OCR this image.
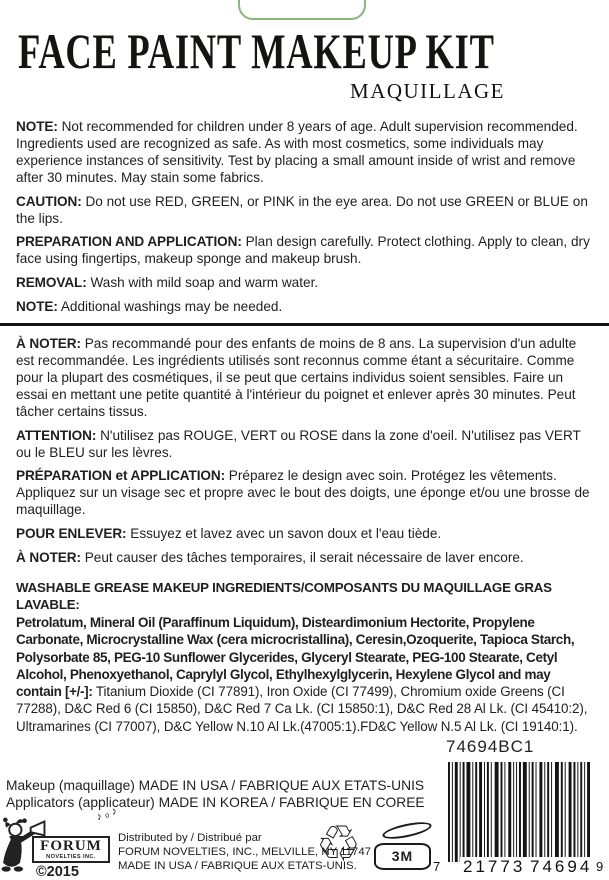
FACE PAINT MAKEUP KIT
MAQUILLAGE

NOTE: Not recommended for children under 8 years of age. Adult supervision recommended. Ingredients used are recognized as safe. As with most cosmetics, some individuals may experience instances of sensitivity. Test by placing a small amount inside of wrist and remove after 30 minutes. May stain some fabrics.

CAUTION: Do not use RED, GREEN, or PINK in the eye area. Do not use GREEN or BLUE on the lips.

PREPARATION AND APPLICATION: Plan design carefully. Protect clothing. Apply to clean, dry face using fingertips, makeup sponge and makeup brush.

REMOVAL: Wash with mild soap and warm water.

NOTE: Additional washings may be needed.

À NOTER: Pas recommandé pour des enfants de moins de 8 ans. La supervision d'un adulte est recommandée. Les ingrédients utilisés sont reconnus comme étant a sécuritaire. Comme pour la plupart des cosmétiques, il se peut que certains individus soient sensibles. Faire un essai en mettant une petite quantité à l'intérieur du poignet et enlever après 30 minutes. Peut tâcher certains tissus.

ATTENTION: N'utilisez pas ROUGE, VERT ou ROSE dans la zone d'oeil. N'utilisez pas VERT ou le BLEU sur les lèvres.

PRÉPARATION et APPLICATION: Préparez le design avec soin. Protégez les vêtements. Appliquez sur un visage sec et propre avec le bout des doigts, une éponge et/ou une brosse de maquillage.

POUR ENLEVER: Essuyez et lavez avec un savon doux et l'eau tiède.

À NOTER: Peut causer des tâches temporaires, il serait nécessaire de laver encore.

WASHABLE GREASE MAKEUP INGREDIENTS/COMPOSANTS DU MAQUILLAGE GRAS LAVABLE:

Petrolatum, Mineral Oil (Paraffinum Liquidum), Disteardimonium Hectorite, Propylene Carbonate, Microcrystalline Wax (cera microcristallina), Ceresin,Ozoquerite, Tapioca Starch, Polysorbate 85, PEG-10 Sunflower Glycerides, Glyceryl Stearate, PEG-100 Stearate, Cetyl Alcohol, Phenoxyethanol, Caprylyl Glycol, Ethylhexylglycerin, Hexylene Glycol and may contain [+/-]: Titanium Dioxide (CI 77891), Iron Oxide (CI 77499), Chromium oxide Greens (CI 77288), D&C Red 6 (CI 15850), D&C Red 7 Ca Lk. (CI 15850:1), D&C Red 28 Al Lk. (CI 45410:2), Ultramarines (CI 77007), D&C Yellow N.10 Al Lk.(47005:1).FD&C Yellow N.5 Al Lk. (CI 19140:1).

74694BC1
7 21773 74694 9
Makeup (maquillage) MADE IN USA / FABRIQUE AUX ETATS-UNIS
Applicators (applicateur) MADE IN KOREA / FABRIQUE EN COREE
♪ ₒ ♪
FORUM
NOVELTIES INC.
©2015
Distributed by / Distribué par
FORUM NOVELTIES, INC., MELVILLE, NY 11747
MADE IN USA / FABRIQUE AUX ETATS-UNIS.
♲	3M
